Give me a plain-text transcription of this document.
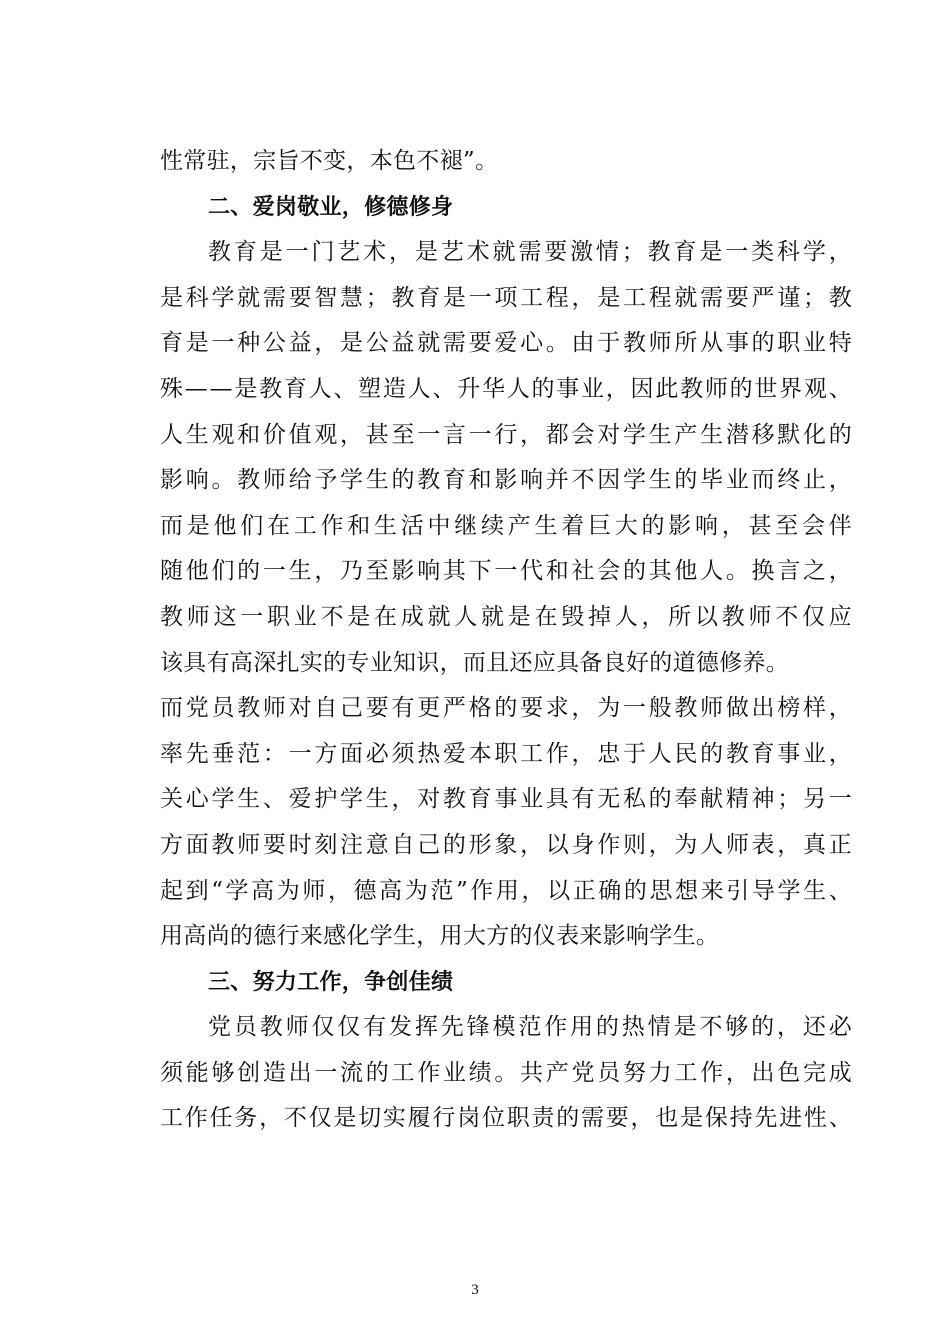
性常驻，宗旨不变，本色不褪”。
二、爱岗敬业，修德修身
教育是一门艺术，是艺术就需要激情；教育是一类科学，
是科学就需要智慧；教育是一项工程，是工程就需要严谨；教
育是一种公益，是公益就需要爱心。由于教师所从事的职业特
殊——是教育人、塑造人、升华人的事业，因此教师的世界观、
人生观和价值观，甚至一言一行，都会对学生产生潜移默化的
影响。教师给予学生的教育和影响并不因学生的毕业而终止，
而是他们在工作和生活中继续产生着巨大的影响，甚至会伴
随他们的一生，乃至影响其下一代和社会的其他人。换言之，
教师这一职业不是在成就人就是在毁掉人，所以教师不仅应
该具有高深扎实的专业知识，而且还应具备良好的道德修养。
而党员教师对自己要有更严格的要求，为一般教师做出榜样，
率先垂范：一方面必须热爱本职工作，忠于人民的教育事业，
关心学生、爱护学生，对教育事业具有无私的奉献精神；另一
方面教师要时刻注意自己的形象，以身作则，为人师表，真正
起到“学高为师，德高为范”作用，以正确的思想来引导学生、
用高尚的德行来感化学生，用大方的仪表来影响学生。
三、努力工作，争创佳绩
党员教师仅仅有发挥先锋模范作用的热情是不够的，还必
须能够创造出一流的工作业绩。共产党员努力工作，出色完成
工作任务，不仅是切实履行岗位职责的需要，也是保持先进性、
3
